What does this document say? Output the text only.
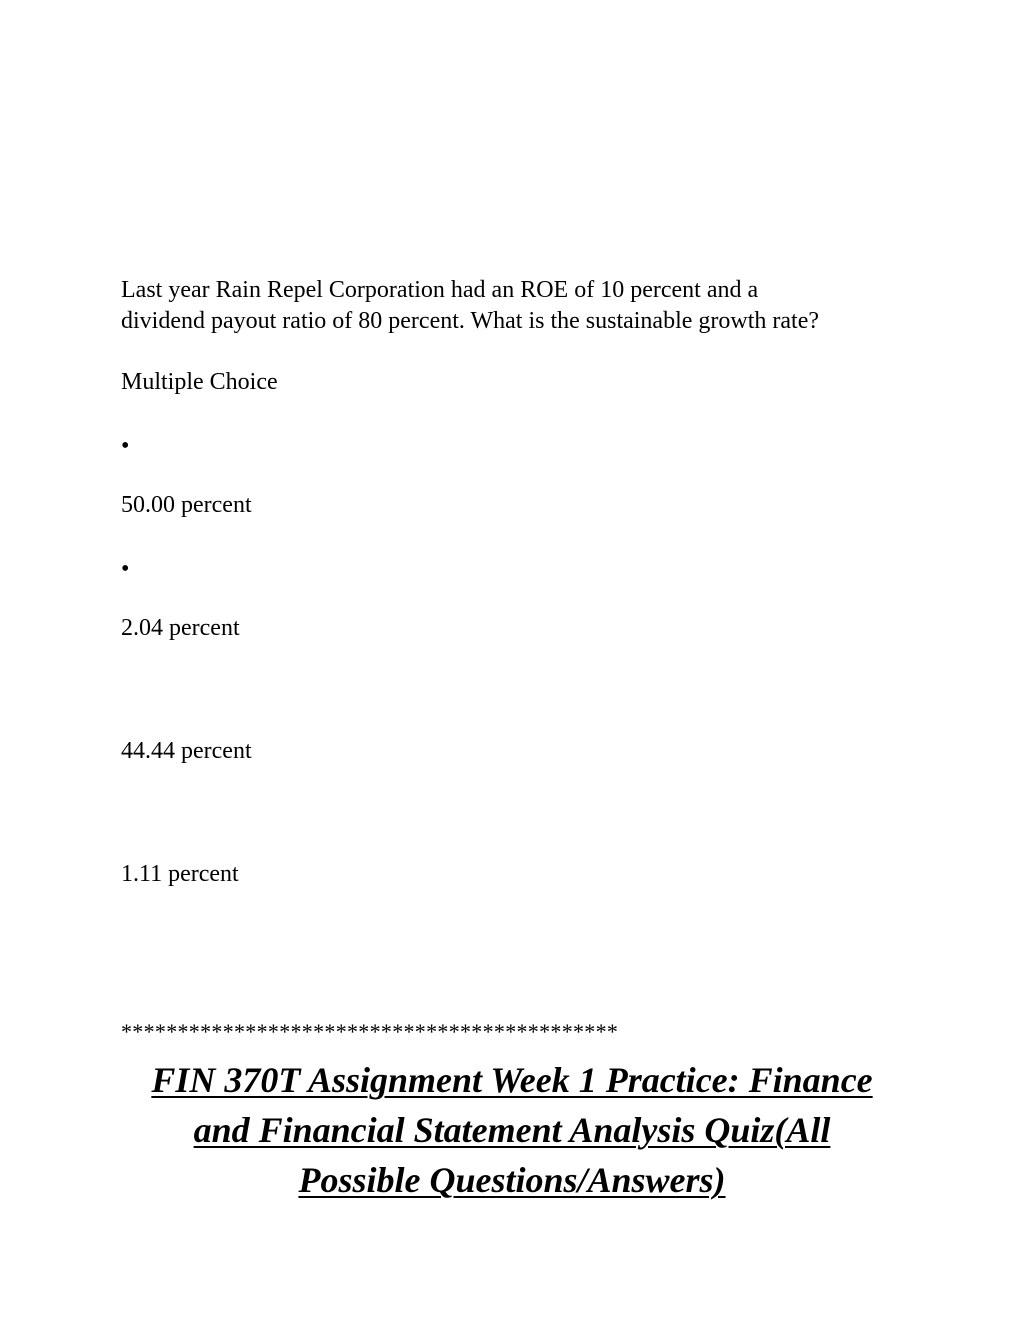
Last year Rain Repel Corporation had an ROE of 10 percent and a
dividend payout ratio of 80 percent. What is the sustainable growth rate?

Multiple Choice

•

50.00 percent

•

2.04 percent

44.44 percent

1.11 percent

********************************************

FIN 370T Assignment Week 1 Practice: Finance
and Financial Statement Analysis Quiz(All
Possible Questions/Answers)
